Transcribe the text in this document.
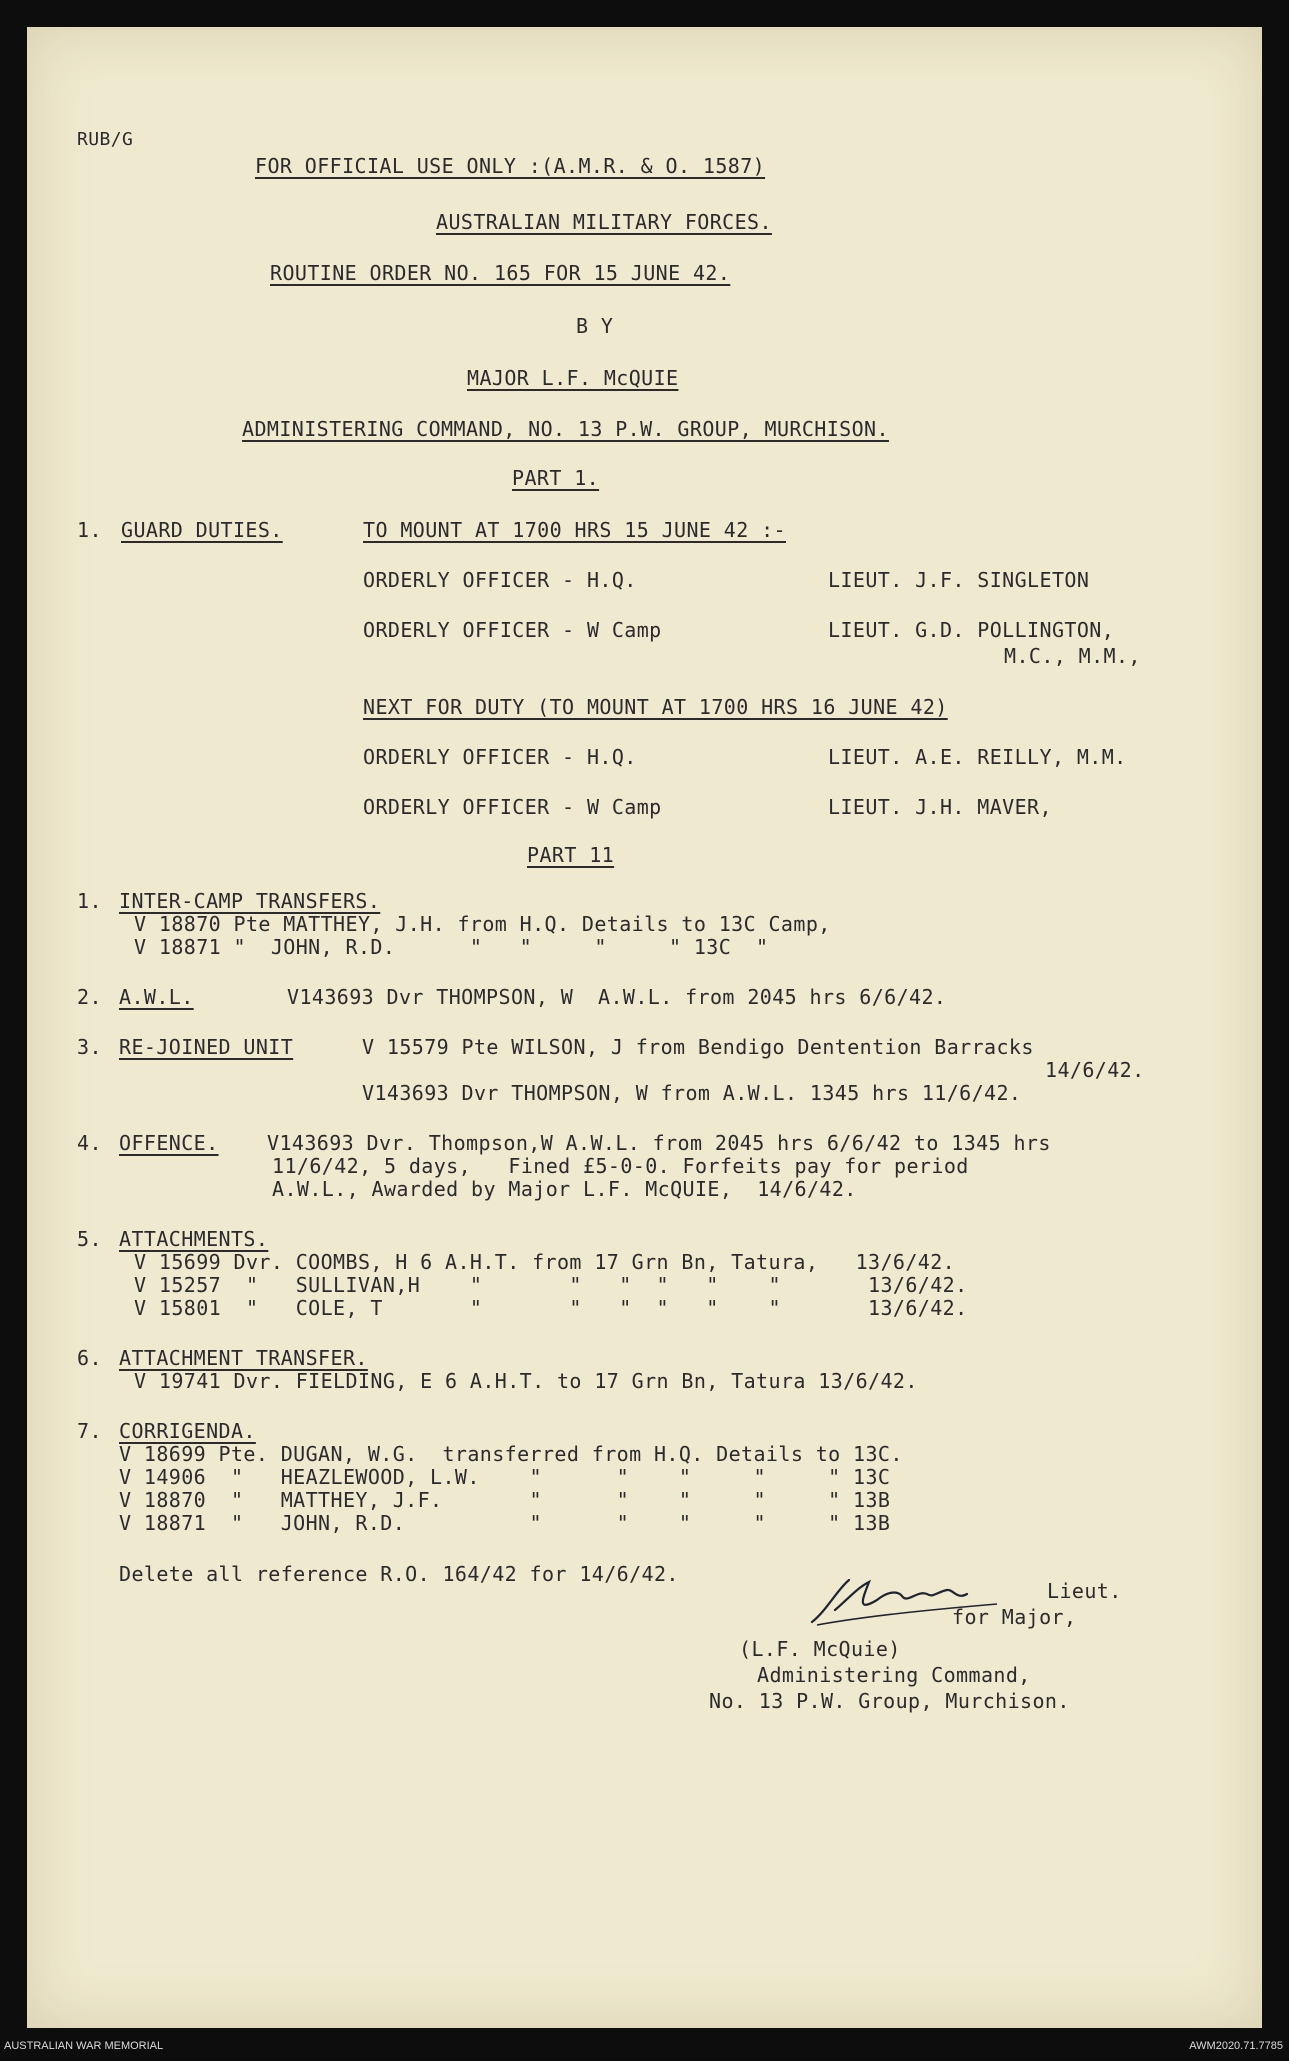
RUB/G
FOR OFFICIAL USE ONLY :(A.M.R. & O. 1587)
AUSTRALIAN MILITARY FORCES.
ROUTINE ORDER NO. 165 FOR 15 JUNE 42.
B Y
MAJOR L.F. McQUIE
ADMINISTERING COMMAND, NO. 13 P.W. GROUP, MURCHISON.
PART 1.
1. GUARD DUTIES.	TO MOUNT AT 1700 HRS 15 JUNE 42 :-
ORDERLY OFFICER - H.Q.	LIEUT. J.F. SINGLETON
ORDERLY OFFICER - W Camp	LIEUT. G.D. POLLINGTON,
M.C., M.M.,
NEXT FOR DUTY (TO MOUNT AT 1700 HRS 16 JUNE 42)
ORDERLY OFFICER - H.Q.	LIEUT. A.E. REILLY, M.M.
ORDERLY OFFICER - W Camp	LIEUT. J.H. MAVER,
PART 11
1. INTER-CAMP TRANSFERS.
V 18870 Pte MATTHEY, J.H. from H.Q. Details to 13C Camp,
V 18871 "  JOHN, R.D.      "   "     "     " 13C  "
2. A.W.L.	V143693 Dvr THOMPSON, W  A.W.L. from 2045 hrs 6/6/42.
3. RE-JOINED UNIT	V 15579 Pte WILSON, J from Bendigo Dentention Barracks
14/6/42.
V143693 Dvr THOMPSON, W from A.W.L. 1345 hrs 11/6/42.
4. OFFENCE. V143693 Dvr. Thompson,W A.W.L. from 2045 hrs 6/6/42 to 1345 hrs
11/6/42, 5 days,   Fined £5-0-0. Forfeits pay for period
A.W.L., Awarded by Major L.F. McQUIE,  14/6/42.
5. ATTACHMENTS.
V 15699 Dvr. COOMBS, H 6 A.H.T. from 17 Grn Bn, Tatura,   13/6/42.
V 15257  "   SULLIVAN,H    "       "   "  "   "    "       13/6/42.
V 15801  "   COLE, T       "       "   "  "   "    "       13/6/42.
6. ATTACHMENT TRANSFER.
V 19741 Dvr. FIELDING, E 6 A.H.T. to 17 Grn Bn, Tatura 13/6/42.
7. CORRIGENDA.
V 18699 Pte. DUGAN, W.G.  transferred from H.Q. Details to 13C.
V 14906  "   HEAZLEWOOD, L.W.    "      "    "     "     " 13C
V 18870  "   MATTHEY, J.F.       "      "    "     "     " 13B
V 18871  "   JOHN, R.D.          "      "    "     "     " 13B
Delete all reference R.O. 164/42 for 14/6/42.
Lieut.
for Major,
(L.F. McQuie)
Administering Command,
No. 13 P.W. Group, Murchison.
AUSTRALIAN WAR MEMORIAL	AWM2020.71.7785
